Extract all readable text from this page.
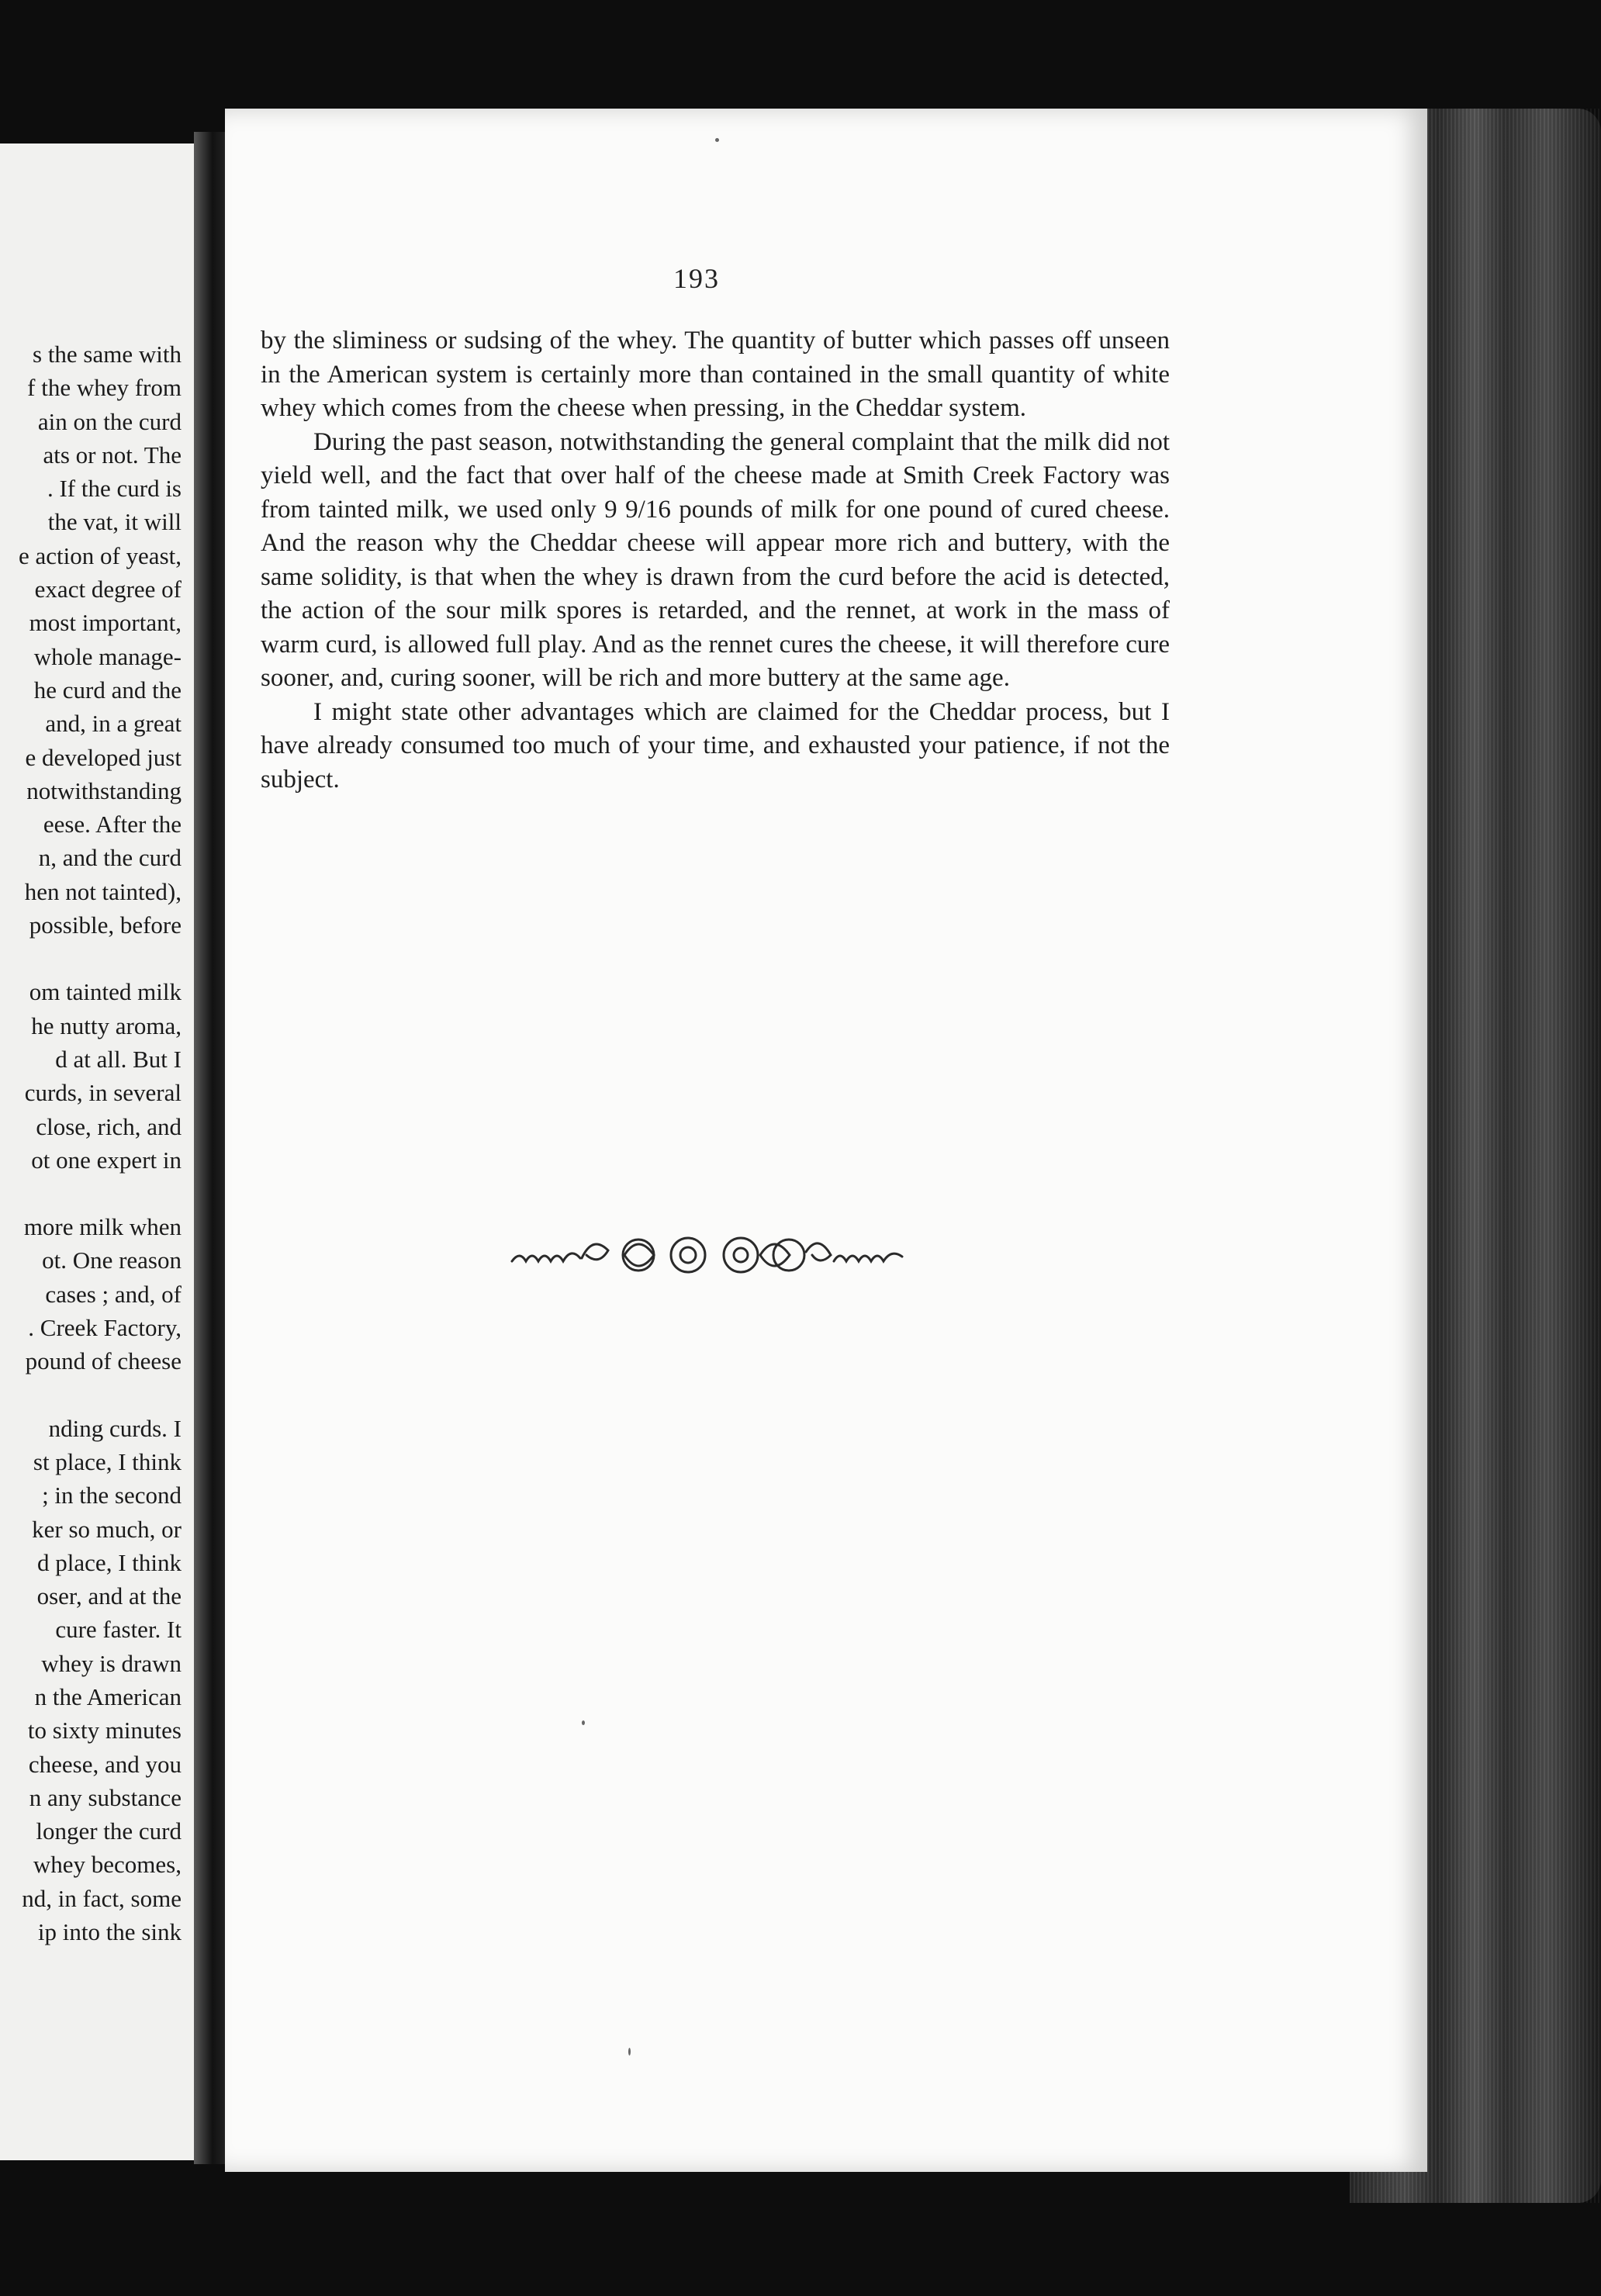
s the same with
f the whey from
ain on the curd
ats or not. The
. If the curd is
the vat, it will
e action of yeast,
exact degree of
most important,
whole manage-
he curd and the
and, in a great
e developed just
notwithstanding
eese. After the
n, and the curd
hen not tainted),
possible, before
om tainted milk
he nutty aroma,
d at all. But I
curds, in several
close, rich, and
ot one expert in
more milk when
ot. One reason
cases ; and, of
. Creek Factory,
pound of cheese
nding curds. I
st place, I think
; in the second
ker so much, or
d place, I think
oser, and at the
cure faster. It
whey is drawn
n the American
to sixty minutes
cheese, and you
n any substance
longer the curd
whey becomes,
nd, in fact, some
ip into the sink
193

by the sliminess or sudsing of the whey. The quantity of butter which passes off unseen in the American system is certainly more than contained in the small quantity of white whey which comes from the cheese when pressing, in the Cheddar system.

During the past season, notwithstanding the general complaint that the milk did not yield well, and the fact that over half of the cheese made at Smith Creek Factory was from tainted milk, we used only 9 9/16 pounds of milk for one pound of cured cheese. And the reason why the Cheddar cheese will appear more rich and buttery, with the same solidity, is that when the whey is drawn from the curd before the acid is detected, the action of the sour milk spores is retarded, and the rennet, at work in the mass of warm curd, is allowed full play. And as the rennet cures the cheese, it will therefore cure sooner, and, curing sooner, will be rich and more buttery at the same age.

I might state other advantages which are claimed for the Cheddar process, but I have already consumed too much of your time, and exhausted your patience, if not the subject.
